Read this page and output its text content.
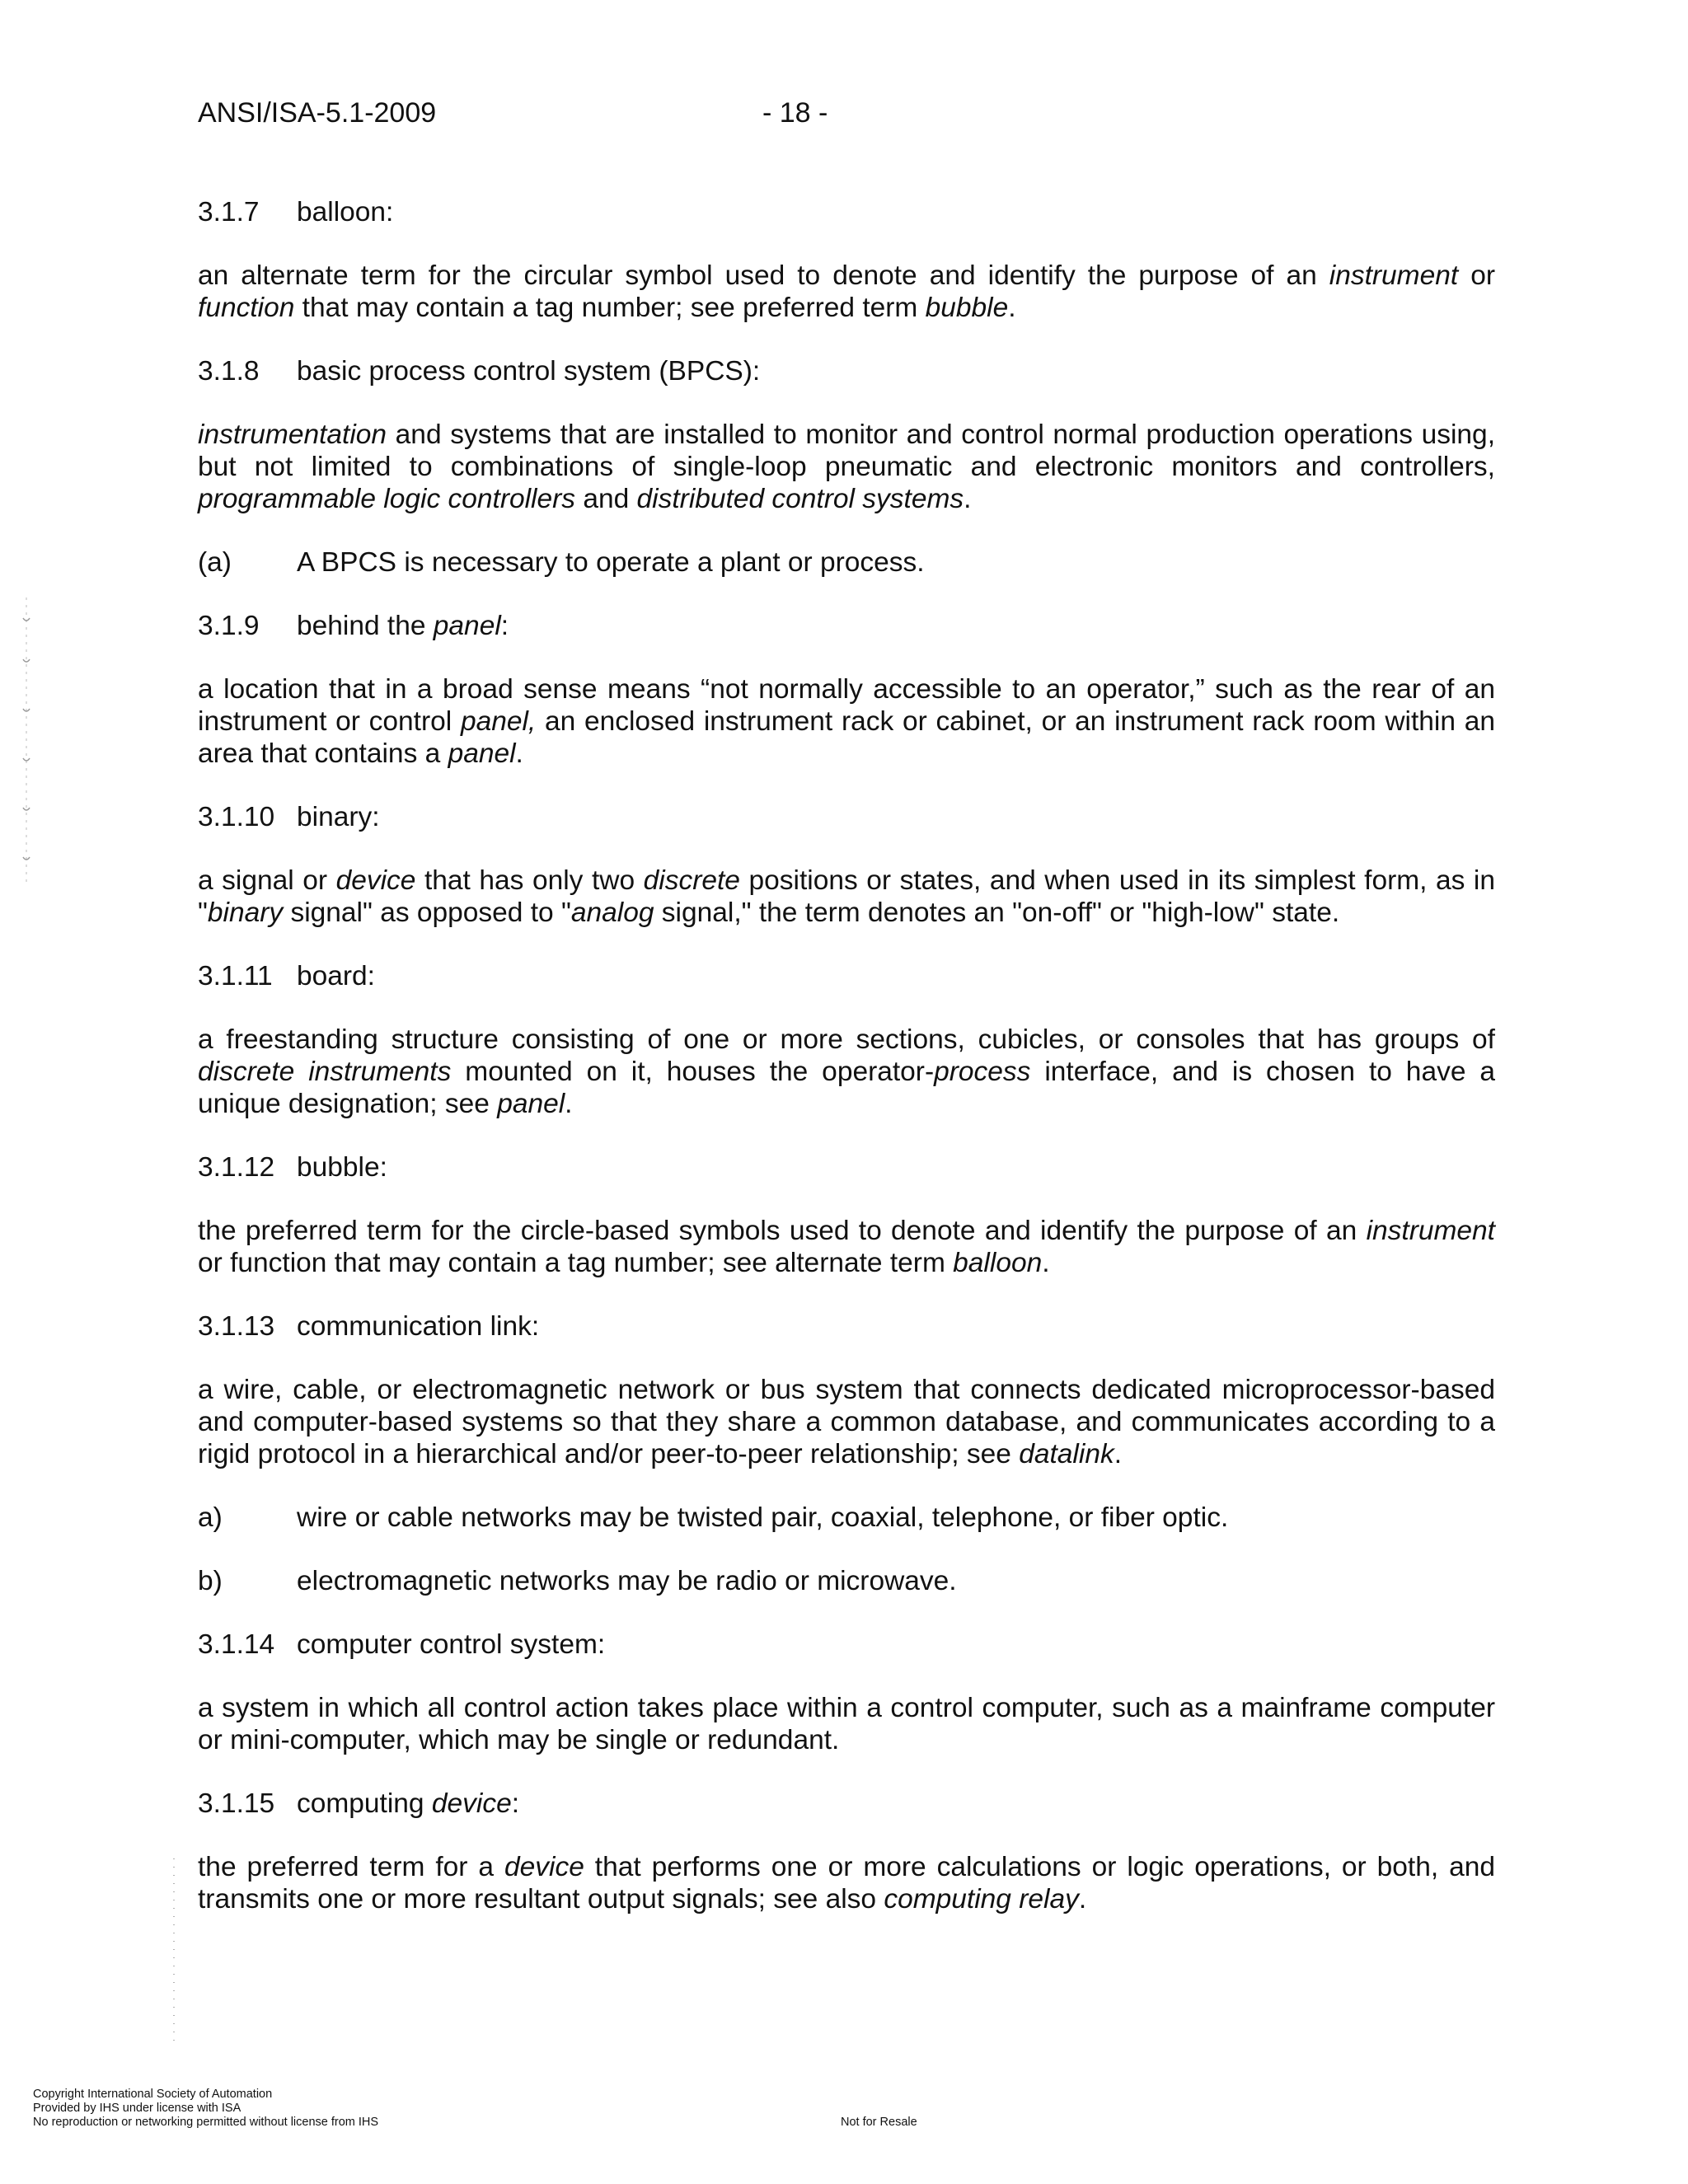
ANSI/ISA-5.1-2009	- 18 -
3.1.7	balloon:
an alternate term for the circular symbol used to denote and identify the purpose of an instrument or function that may contain a tag number; see preferred term bubble.
3.1.8	basic process control system (BPCS):
instrumentation and systems that are installed to monitor and control normal production operations using, but not limited to combinations of single-loop pneumatic and electronic monitors and controllers, programmable logic controllers and distributed control systems.
(a)	A BPCS is necessary to operate a plant or process.
3.1.9	behind the panel:
a location that in a broad sense means “not normally accessible to an operator,” such as the rear of an instrument or control panel, an enclosed instrument rack or cabinet, or an instrument rack room within an area that contains a panel.
3.1.10 binary:
a signal or device that has only two discrete positions or states, and when used in its simplest form, as in "binary signal" as opposed to "analog signal," the term denotes an "on-off" or "high-low" state.
3.1.11 board:
a freestanding structure consisting of one or more sections, cubicles, or consoles that has groups of discrete instruments mounted on it, houses the operator-process interface, and is chosen to have a unique designation; see panel.
3.1.12 bubble:
the preferred term for the circle-based symbols used to denote and identify the purpose of an instrument or function that may contain a tag number; see alternate term balloon.
3.1.13 communication link:
a wire, cable, or electromagnetic network or bus system that connects dedicated microprocessor-based and computer-based systems so that they share a common database, and communicates according to a rigid protocol in a hierarchical and/or peer-to-peer relationship; see datalink.
a)	wire or cable networks may be twisted pair, coaxial, telephone, or fiber optic.
b)	electromagnetic networks may be radio or microwave.
3.1.14 computer control system:
a system in which all control action takes place within a control computer, such as a mainframe computer or mini-computer, which may be single or redundant.
3.1.15 computing device:
the preferred term for a device that performs one or more calculations or logic operations, or both, and transmits one or more resultant output signals; see also computing relay.
Copyright International Society of Automation
Provided by IHS under license with ISA
No reproduction or networking permitted without license from IHS	Not for Resale
